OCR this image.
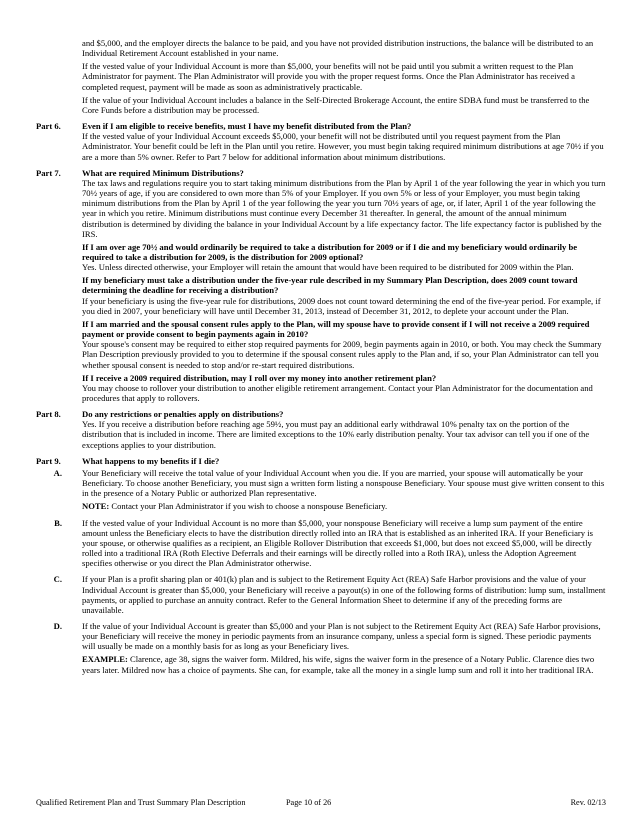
and $5,000, and the employer directs the balance to be paid, and you have not provided distribution instructions, the balance will be distributed to an Individual Retirement Account established in your name.

If the vested value of your Individual Account is more than $5,000, your benefits will not be paid until you submit a written request to the Plan Administrator for payment. The Plan Administrator will provide you with the proper request forms. Once the Plan Administrator has received a completed request, payment will be made as soon as administratively practicable.

If the value of your Individual Account includes a balance in the Self-Directed Brokerage Account, the entire SDBA fund must be transferred to the Core Funds before a distribution may be processed.

Part 6.	Even if I am eligible to receive benefits, must I have my benefit distributed from the Plan?

If the vested value of your Individual Account exceeds $5,000, your benefit will not be distributed until you request payment from the Plan Administrator. Your benefit could be left in the Plan until you retire. However, you must begin taking required minimum distributions at age 70½ if you are a more than 5% owner. Refer to Part 7 below for additional information about minimum distributions.

Part 7.	What are required Minimum Distributions?

The tax laws and regulations require you to start taking minimum distributions from the Plan by April 1 of the year following the year in which you turn 70½ years of age, if you are considered to own more than 5% of your Employer. If you own 5% or less of your Employer, you must begin taking minimum distributions from the Plan by April 1 of the year following the year you turn 70½ years of age, or, if later, April 1 of the year following the year in which you retire. Minimum distributions must continue every December 31 thereafter. In general, the amount of the annual minimum distribution is determined by dividing the balance in your Individual Account by a life expectancy factor. The life expectancy factor is published by the IRS.

If I am over age 70½ and would ordinarily be required to take a distribution for 2009 or if I die and my beneficiary would ordinarily be required to take a distribution for 2009, is the distribution for 2009 optional?

Yes. Unless directed otherwise, your Employer will retain the amount that would have been required to be distributed for 2009 within the Plan.

If my beneficiary must take a distribution under the five-year rule described in my Summary Plan Description, does 2009 count toward determining the deadline for receiving a distribution?

If your beneficiary is using the five-year rule for distributions, 2009 does not count toward determining the end of the five-year period. For example, if you died in 2007, your beneficiary will have until December 31, 2013, instead of December 31, 2012, to deplete your account under the Plan.

If I am married and the spousal consent rules apply to the Plan, will my spouse have to provide consent if I will not receive a 2009 required payment or provide consent to begin payments again in 2010?

Your spouse's consent may be required to either stop required payments for 2009, begin payments again in 2010, or both. You may check the Summary Plan Description previously provided to you to determine if the spousal consent rules apply to the Plan and, if so, your Plan Administrator can tell you whether spousal consent is needed to stop and/or re-start required distributions.

If I receive a 2009 required distribution, may I roll over my money into another retirement plan?

You may choose to rollover your distribution to another eligible retirement arrangement. Contact your Plan Administrator for the documentation and procedures that apply to rollovers.

Part 8.	Do any restrictions or penalties apply on distributions?

Yes. If you receive a distribution before reaching age 59½, you must pay an additional early withdrawal 10% penalty tax on the portion of the distribution that is included in income. There are limited exceptions to the 10% early distribution penalty. Your tax advisor can tell you if one of the exceptions applies to your distribution.

Part 9.	What happens to my benefits if I die?
A.	Your Beneficiary will receive the total value of your Individual Account when you die. If you are married, your spouse will automatically be your Beneficiary. To choose another Beneficiary, you must sign a written form listing a nonspouse Beneficiary. Your spouse must give written consent to this in the presence of a Notary Public or authorized Plan representative.

NOTE: Contact your Plan Administrator if you wish to choose a nonspouse Beneficiary.

B.	If the vested value of your Individual Account is no more than $5,000, your nonspouse Beneficiary will receive a lump sum payment of the entire amount unless the Beneficiary elects to have the distribution directly rolled into an IRA that is established as an inherited IRA. If your Beneficiary is your spouse, or otherwise qualifies as a recipient, an Eligible Rollover Distribution that exceeds $1,000, but does not exceed $5,000, will be directly rolled into a traditional IRA (Roth Elective Deferrals and their earnings will be directly rolled into a Roth IRA), unless the Adoption Agreement specifies otherwise or you direct the Plan Administrator otherwise.

C.	If your Plan is a profit sharing plan or 401(k) plan and is subject to the Retirement Equity Act (REA) Safe Harbor provisions and the value of your Individual Account is greater than $5,000, your Beneficiary will receive a payout(s) in one of the following forms of distribution: lump sum, installment payments, or applied to purchase an annuity contract. Refer to the General Information Sheet to determine if any of the preceding forms are unavailable.

D.	If the value of your Individual Account is greater than $5,000 and your Plan is not subject to the Retirement Equity Act (REA) Safe Harbor provisions, your Beneficiary will receive the money in periodic payments from an insurance company, unless a special form is signed. These periodic payments will usually be made on a monthly basis for as long as your Beneficiary lives.

EXAMPLE: Clarence, age 38, signs the waiver form. Mildred, his wife, signs the waiver form in the presence of a Notary Public. Clarence dies two years later. Mildred now has a choice of payments. She can, for example, take all the money in a single lump sum and roll it into her traditional IRA.

Qualified Retirement Plan and Trust Summary Plan Description	Page 10 of 26	Rev. 02/13
